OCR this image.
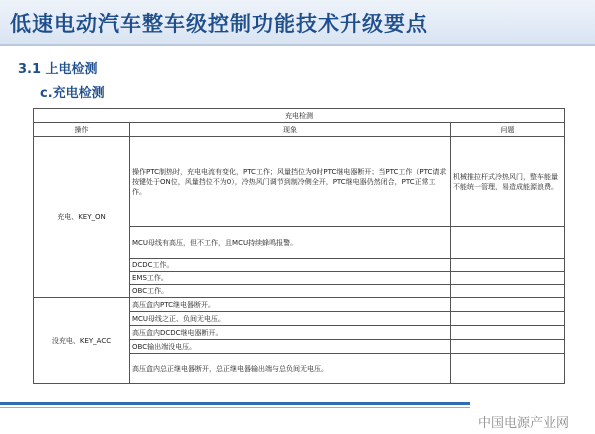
低速电动汽车整车级控制功能技术升级要点
3.1 上电检测
c.充电检测
充电检测		
操作	现象	问题
充电、KEY_ON	操作PTC制热时，充电电流有变化，PTC工作；风量挡位为0时PTC继电器断开；当PTC工作（PTC请求按键处于ON位，风量挡位不为0），冷热风门调节到制冷侧全开，PTC继电器仍然闭合，PTC正常工作。	机械推拉杆式冷热风门，整车能量不能统一管理，易造成能源浪费。
	MCU母线有高压，但不工作，且MCU持续蜂鸣报警。	
	DCDC工作。	
	EMS工作。	
	OBC工作。	
没充电、KEY_ACC	高压盒内PTC继电器断开。	
	MCU母线之正、负间无电压。	
	高压盒内DCDC继电器断开。	
	OBC输出端没电压。	
	高压盒内总正继电器断开，总正继电器输出端与总负间无电压。	
中国电源产业网
